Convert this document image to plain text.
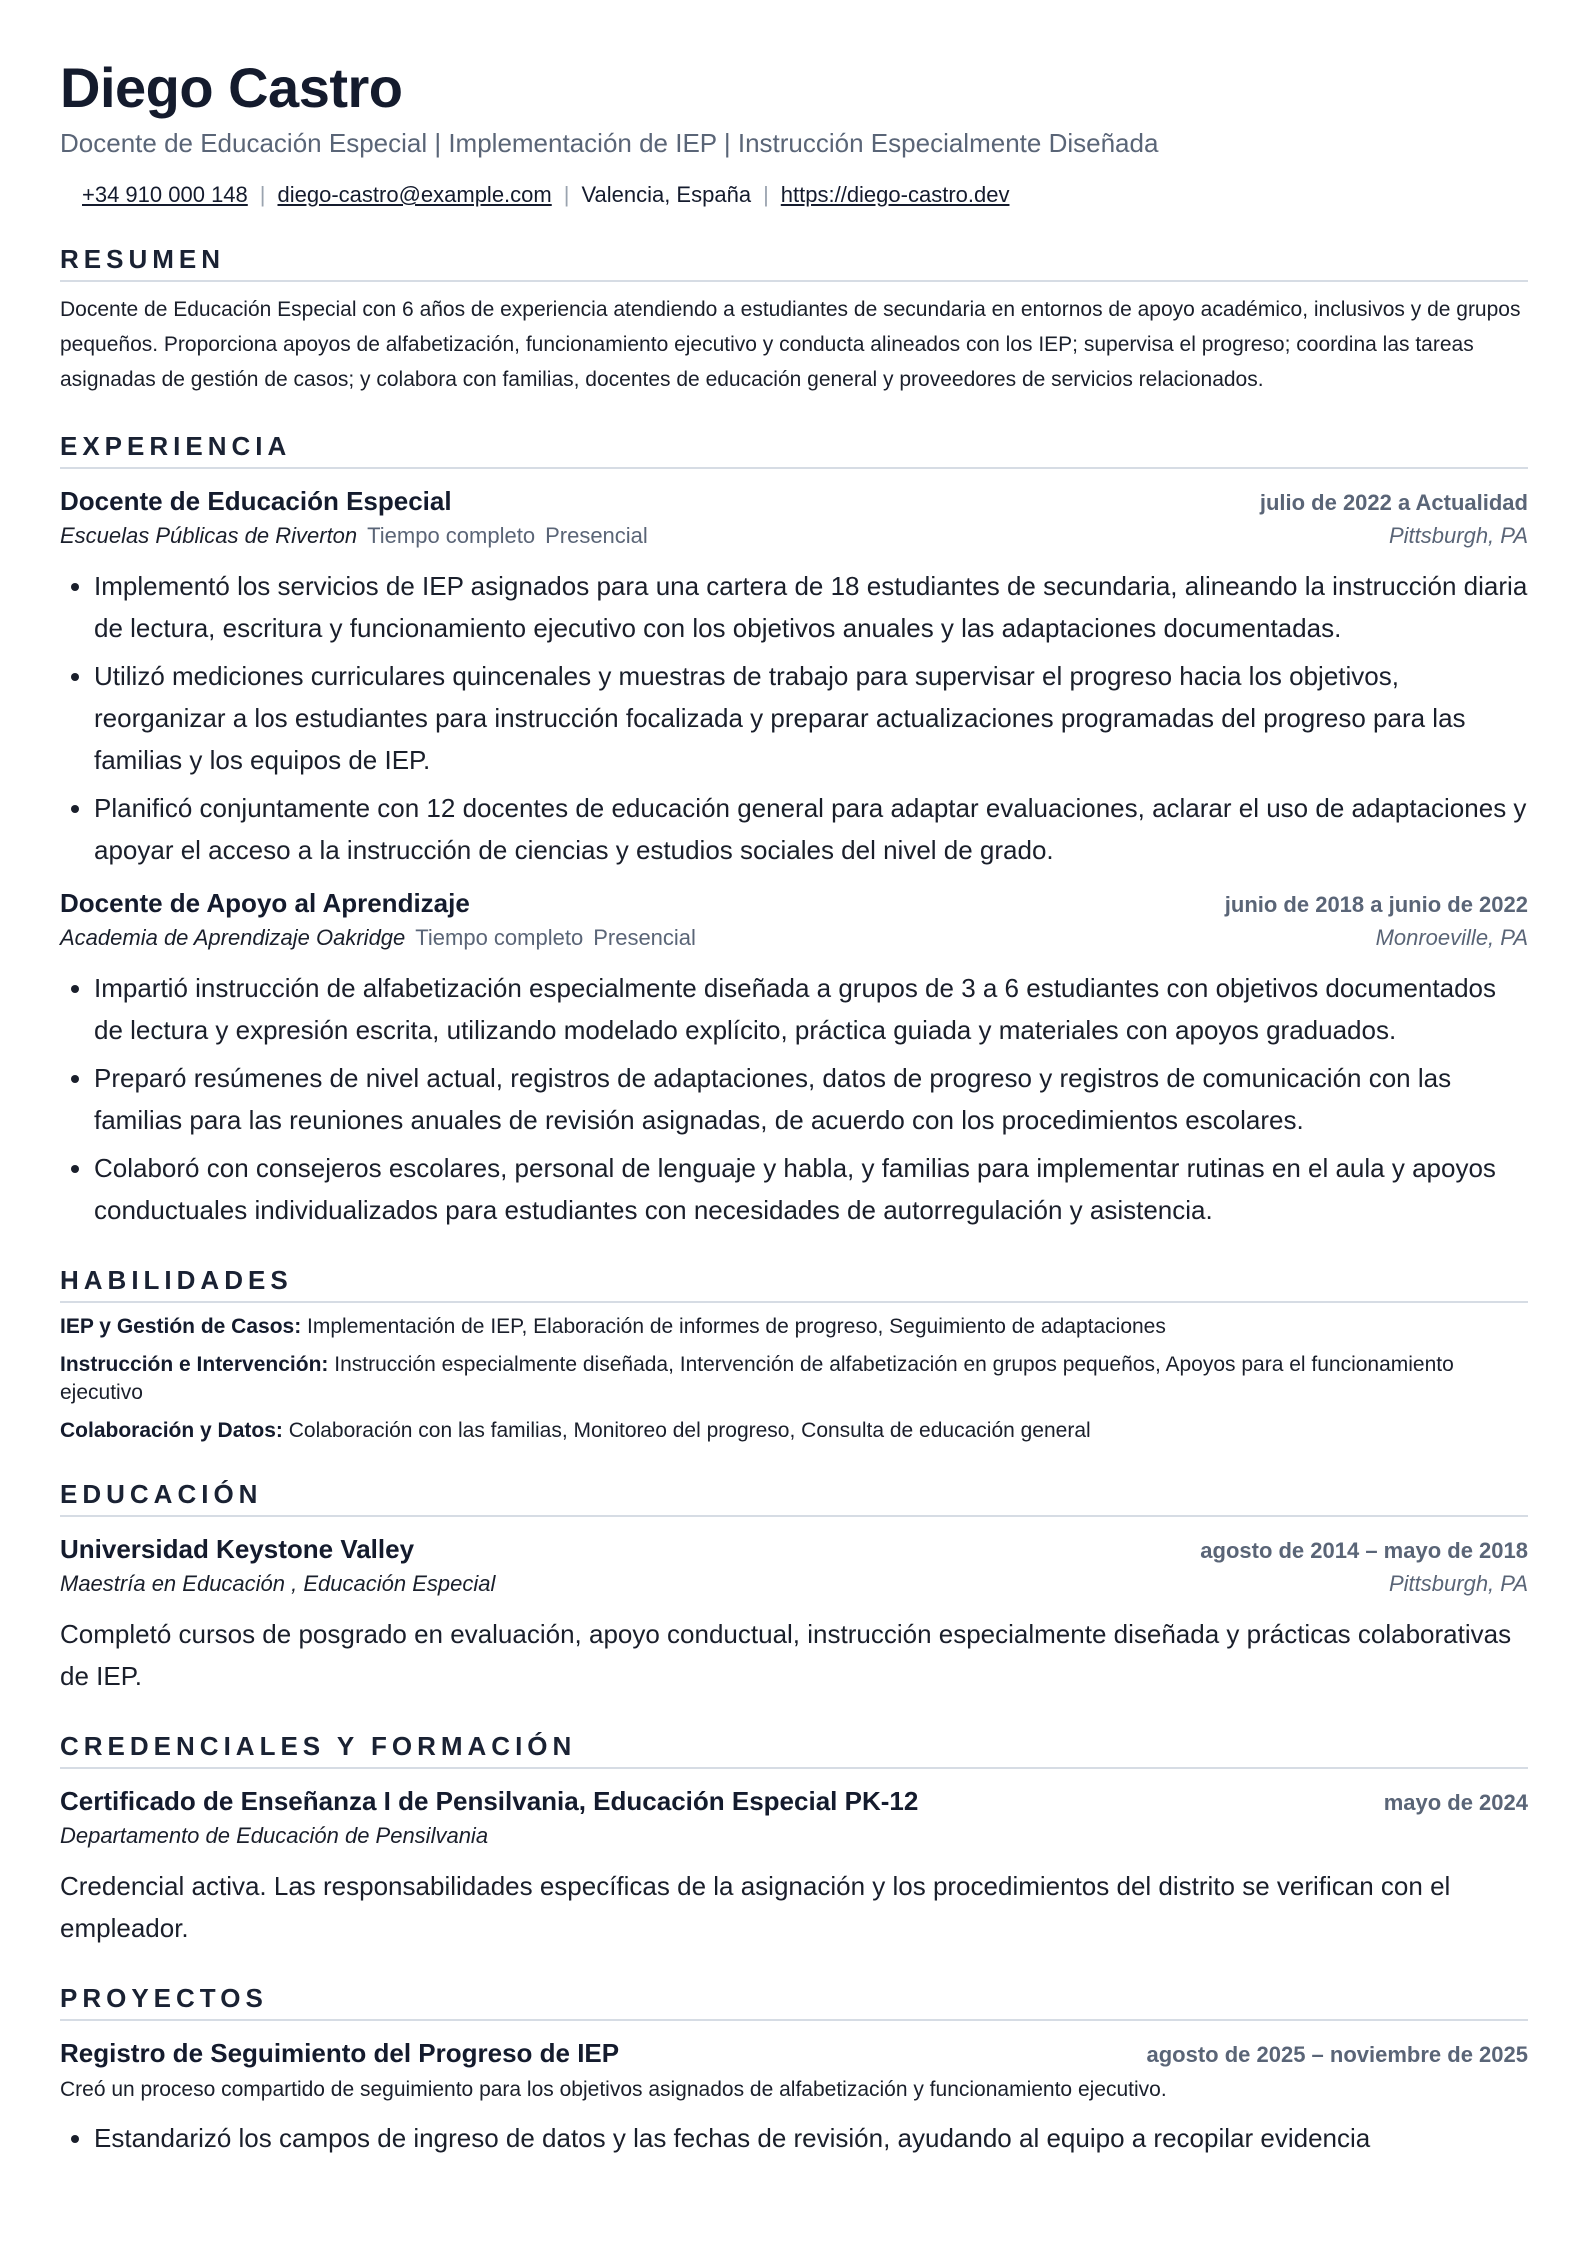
Diego Castro
Docente de Educación Especial | Implementación de IEP | Instrucción Especialmente Diseñada
+34 910 000 148 | diego-castro@example.com | Valencia, España | https://diego-castro.dev
RESUMEN
Docente de Educación Especial con 6 años de experiencia atendiendo a estudiantes de secundaria en entornos de apoyo académico, inclusivos y de grupos pequeños. Proporciona apoyos de alfabetización, funcionamiento ejecutivo y conducta alineados con los IEP; supervisa el progreso; coordina las tareas asignadas de gestión de casos; y colabora con familias, docentes de educación general y proveedores de servicios relacionados.
EXPERIENCIA
Docente de Educación Especial	julio de 2022 a Actualidad
Escuelas Públicas de Riverton Tiempo completo Presencial	Pittsburgh, PA
• Implementó los servicios de IEP asignados para una cartera de 18 estudiantes de secundaria, alineando la instrucción diaria de lectura, escritura y funcionamiento ejecutivo con los objetivos anuales y las adaptaciones documentadas.
• Utilizó mediciones curriculares quincenales y muestras de trabajo para supervisar el progreso hacia los objetivos, reorganizar a los estudiantes para instrucción focalizada y preparar actualizaciones programadas del progreso para las familias y los equipos de IEP.
• Planificó conjuntamente con 12 docentes de educación general para adaptar evaluaciones, aclarar el uso de adaptaciones y apoyar el acceso a la instrucción de ciencias y estudios sociales del nivel de grado.
Docente de Apoyo al Aprendizaje	junio de 2018 a junio de 2022
Academia de Aprendizaje Oakridge Tiempo completo Presencial	Monroeville, PA
• Impartió instrucción de alfabetización especialmente diseñada a grupos de 3 a 6 estudiantes con objetivos documentados de lectura y expresión escrita, utilizando modelado explícito, práctica guiada y materiales con apoyos graduados.
• Preparó resúmenes de nivel actual, registros de adaptaciones, datos de progreso y registros de comunicación con las familias para las reuniones anuales de revisión asignadas, de acuerdo con los procedimientos escolares.
• Colaboró con consejeros escolares, personal de lenguaje y habla, y familias para implementar rutinas en el aula y apoyos conductuales individualizados para estudiantes con necesidades de autorregulación y asistencia.
HABILIDADES
IEP y Gestión de Casos: Implementación de IEP, Elaboración de informes de progreso, Seguimiento de adaptaciones
Instrucción e Intervención: Instrucción especialmente diseñada, Intervención de alfabetización en grupos pequeños, Apoyos para el funcionamiento ejecutivo
Colaboración y Datos: Colaboración con las familias, Monitoreo del progreso, Consulta de educación general
EDUCACIÓN
Universidad Keystone Valley	agosto de 2014 – mayo de 2018
Maestría en Educación , Educación Especial	Pittsburgh, PA
Completó cursos de posgrado en evaluación, apoyo conductual, instrucción especialmente diseñada y prácticas colaborativas de IEP.
CREDENCIALES Y FORMACIÓN
Certificado de Enseñanza I de Pensilvania, Educación Especial PK-12	mayo de 2024
Departamento de Educación de Pensilvania
Credencial activa. Las responsabilidades específicas de la asignación y los procedimientos del distrito se verifican con el empleador.
PROYECTOS
Registro de Seguimiento del Progreso de IEP	agosto de 2025 – noviembre de 2025
Creó un proceso compartido de seguimiento para los objetivos asignados de alfabetización y funcionamiento ejecutivo.
• Estandarizó los campos de ingreso de datos y las fechas de revisión, ayudando al equipo a recopilar evidencia
